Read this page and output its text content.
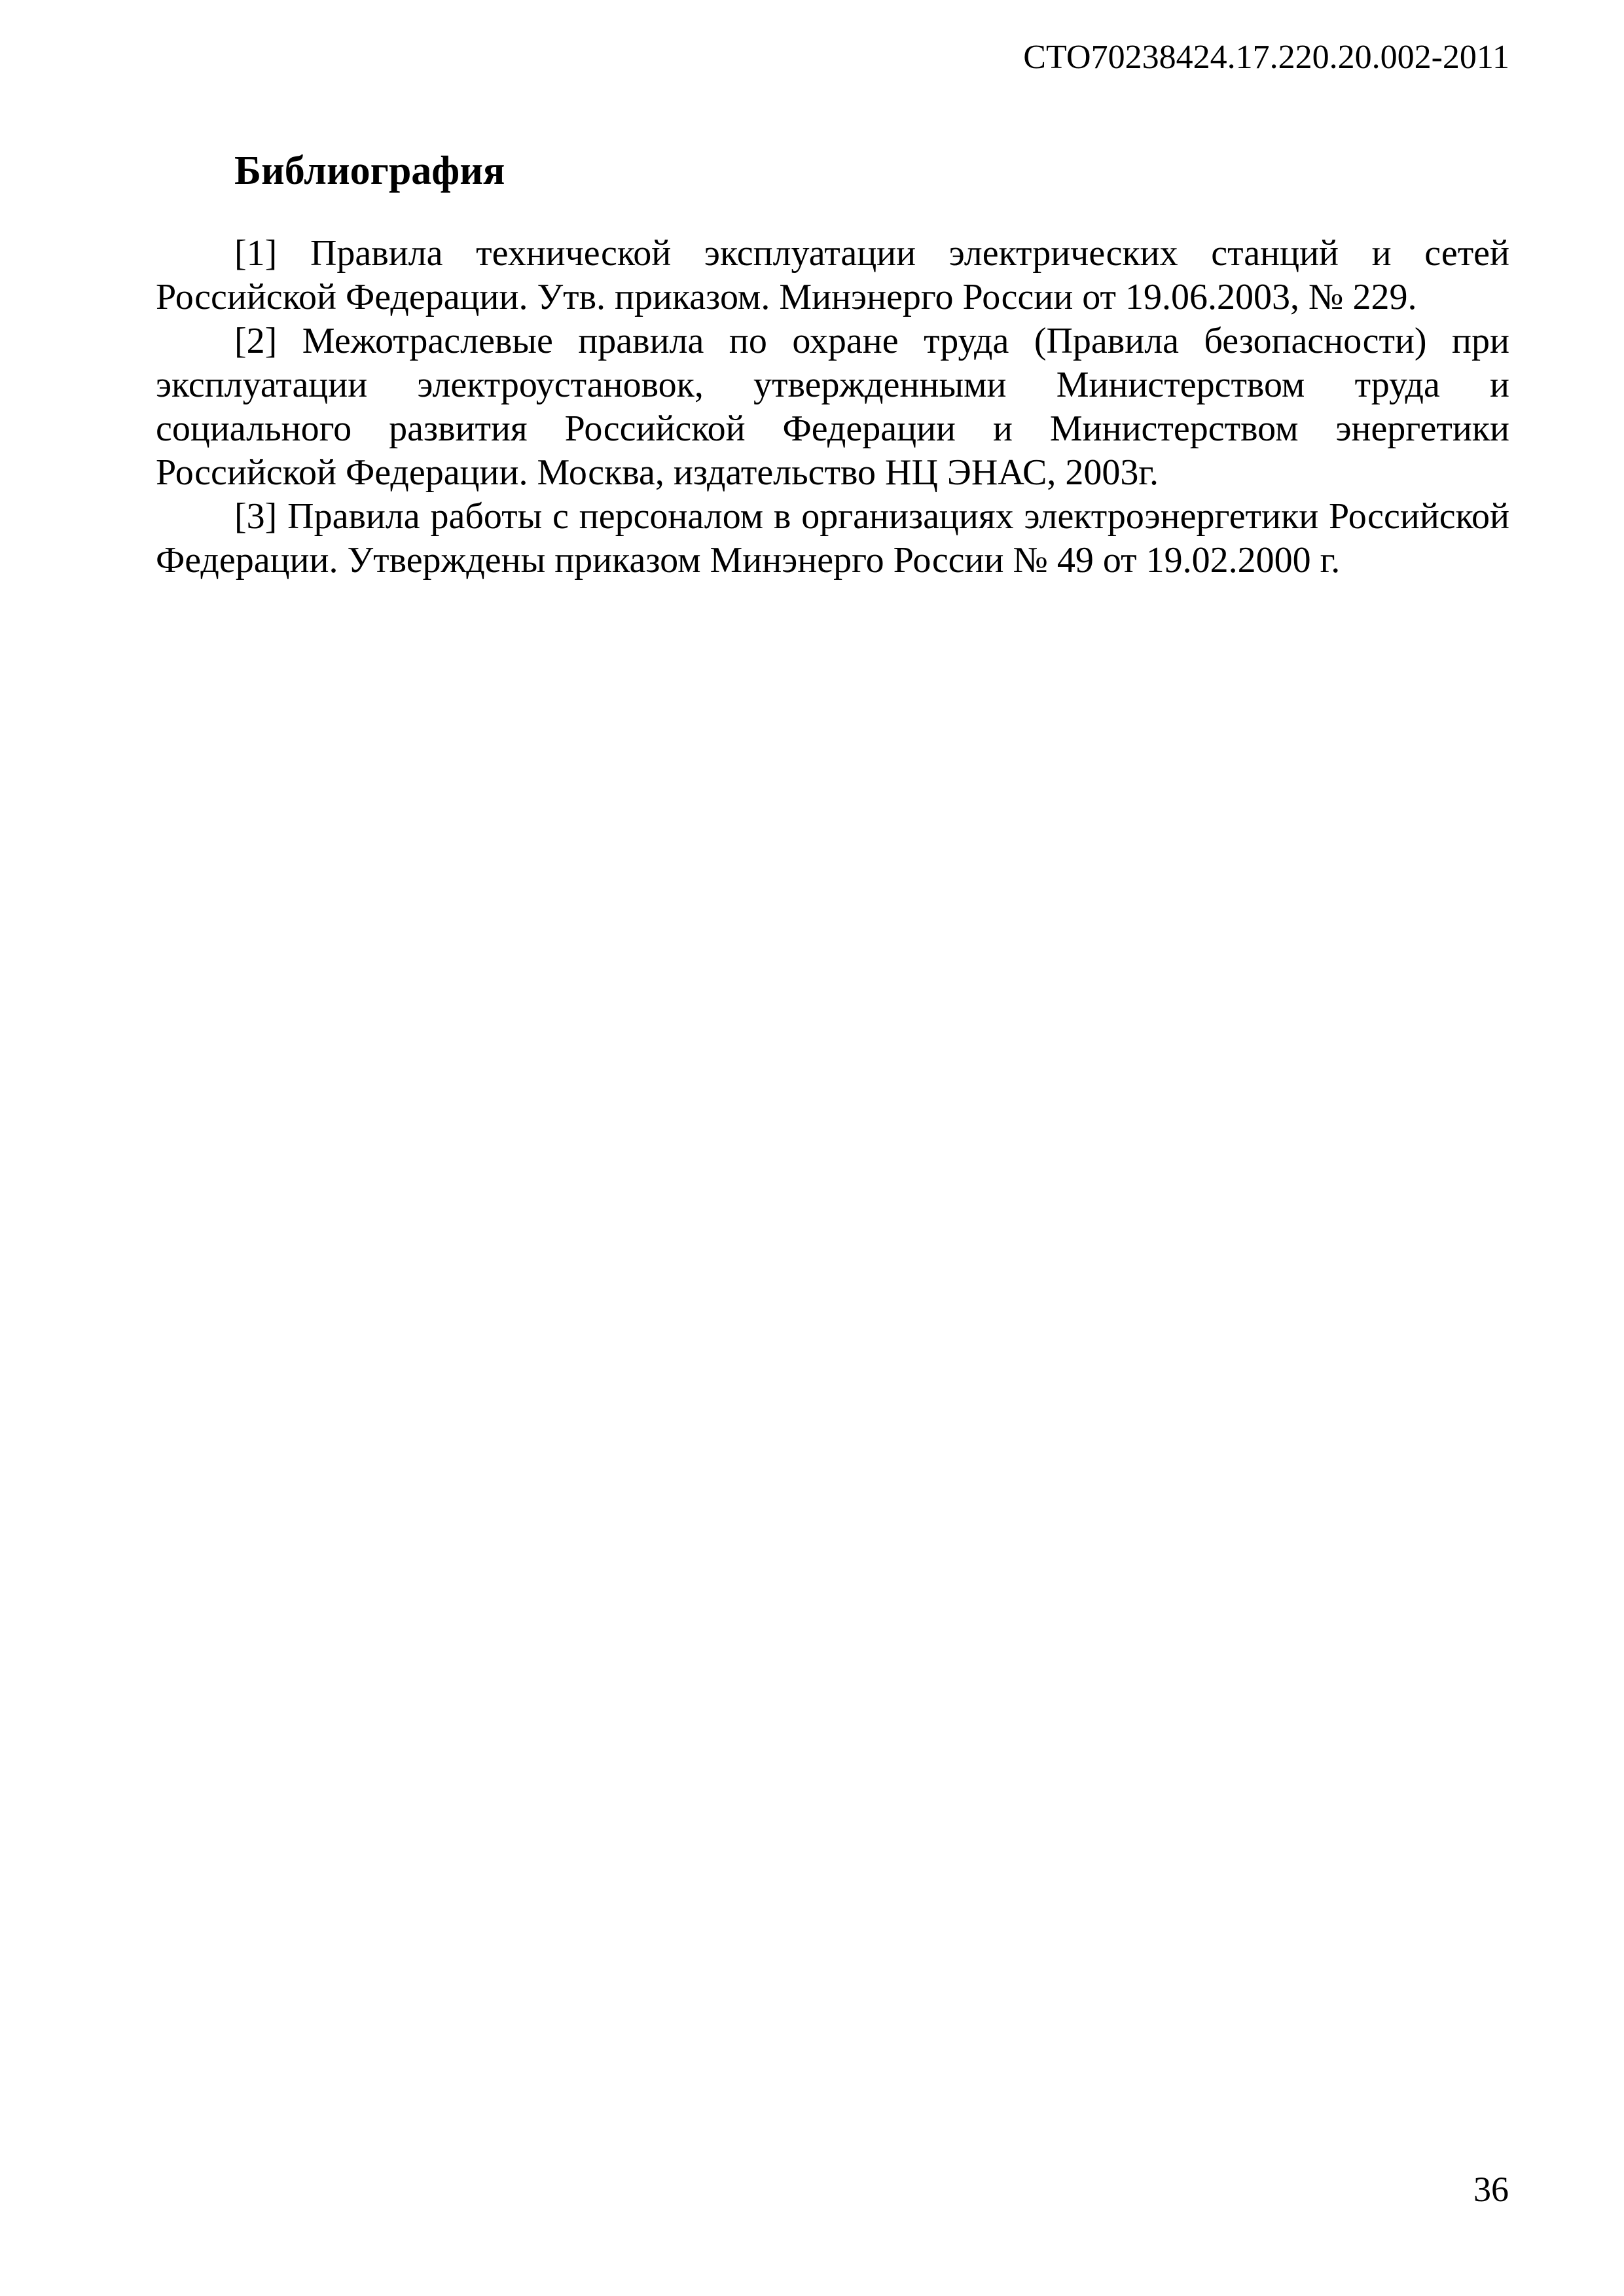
СТО70238424.17.220.20.002-2011
Библиография

[1] Правила технической эксплуатации электрических станций и сетей Российской Федерации. Утв. приказом. Минэнерго России от 19.06.2003, № 229.

[2] Межотраслевые правила по охране труда (Правила безопасности) при эксплуатации электроустановок, утвержденными Министерством труда и социального развития Российской Федерации и Министерством энергетики Российской Федерации. Москва, издательство НЦ ЭНАС, 2003г.

[3] Правила работы с персоналом в организациях электроэнергетики Российской Федерации. Утверждены приказом Минэнерго России № 49 от 19.02.2000 г.

36
